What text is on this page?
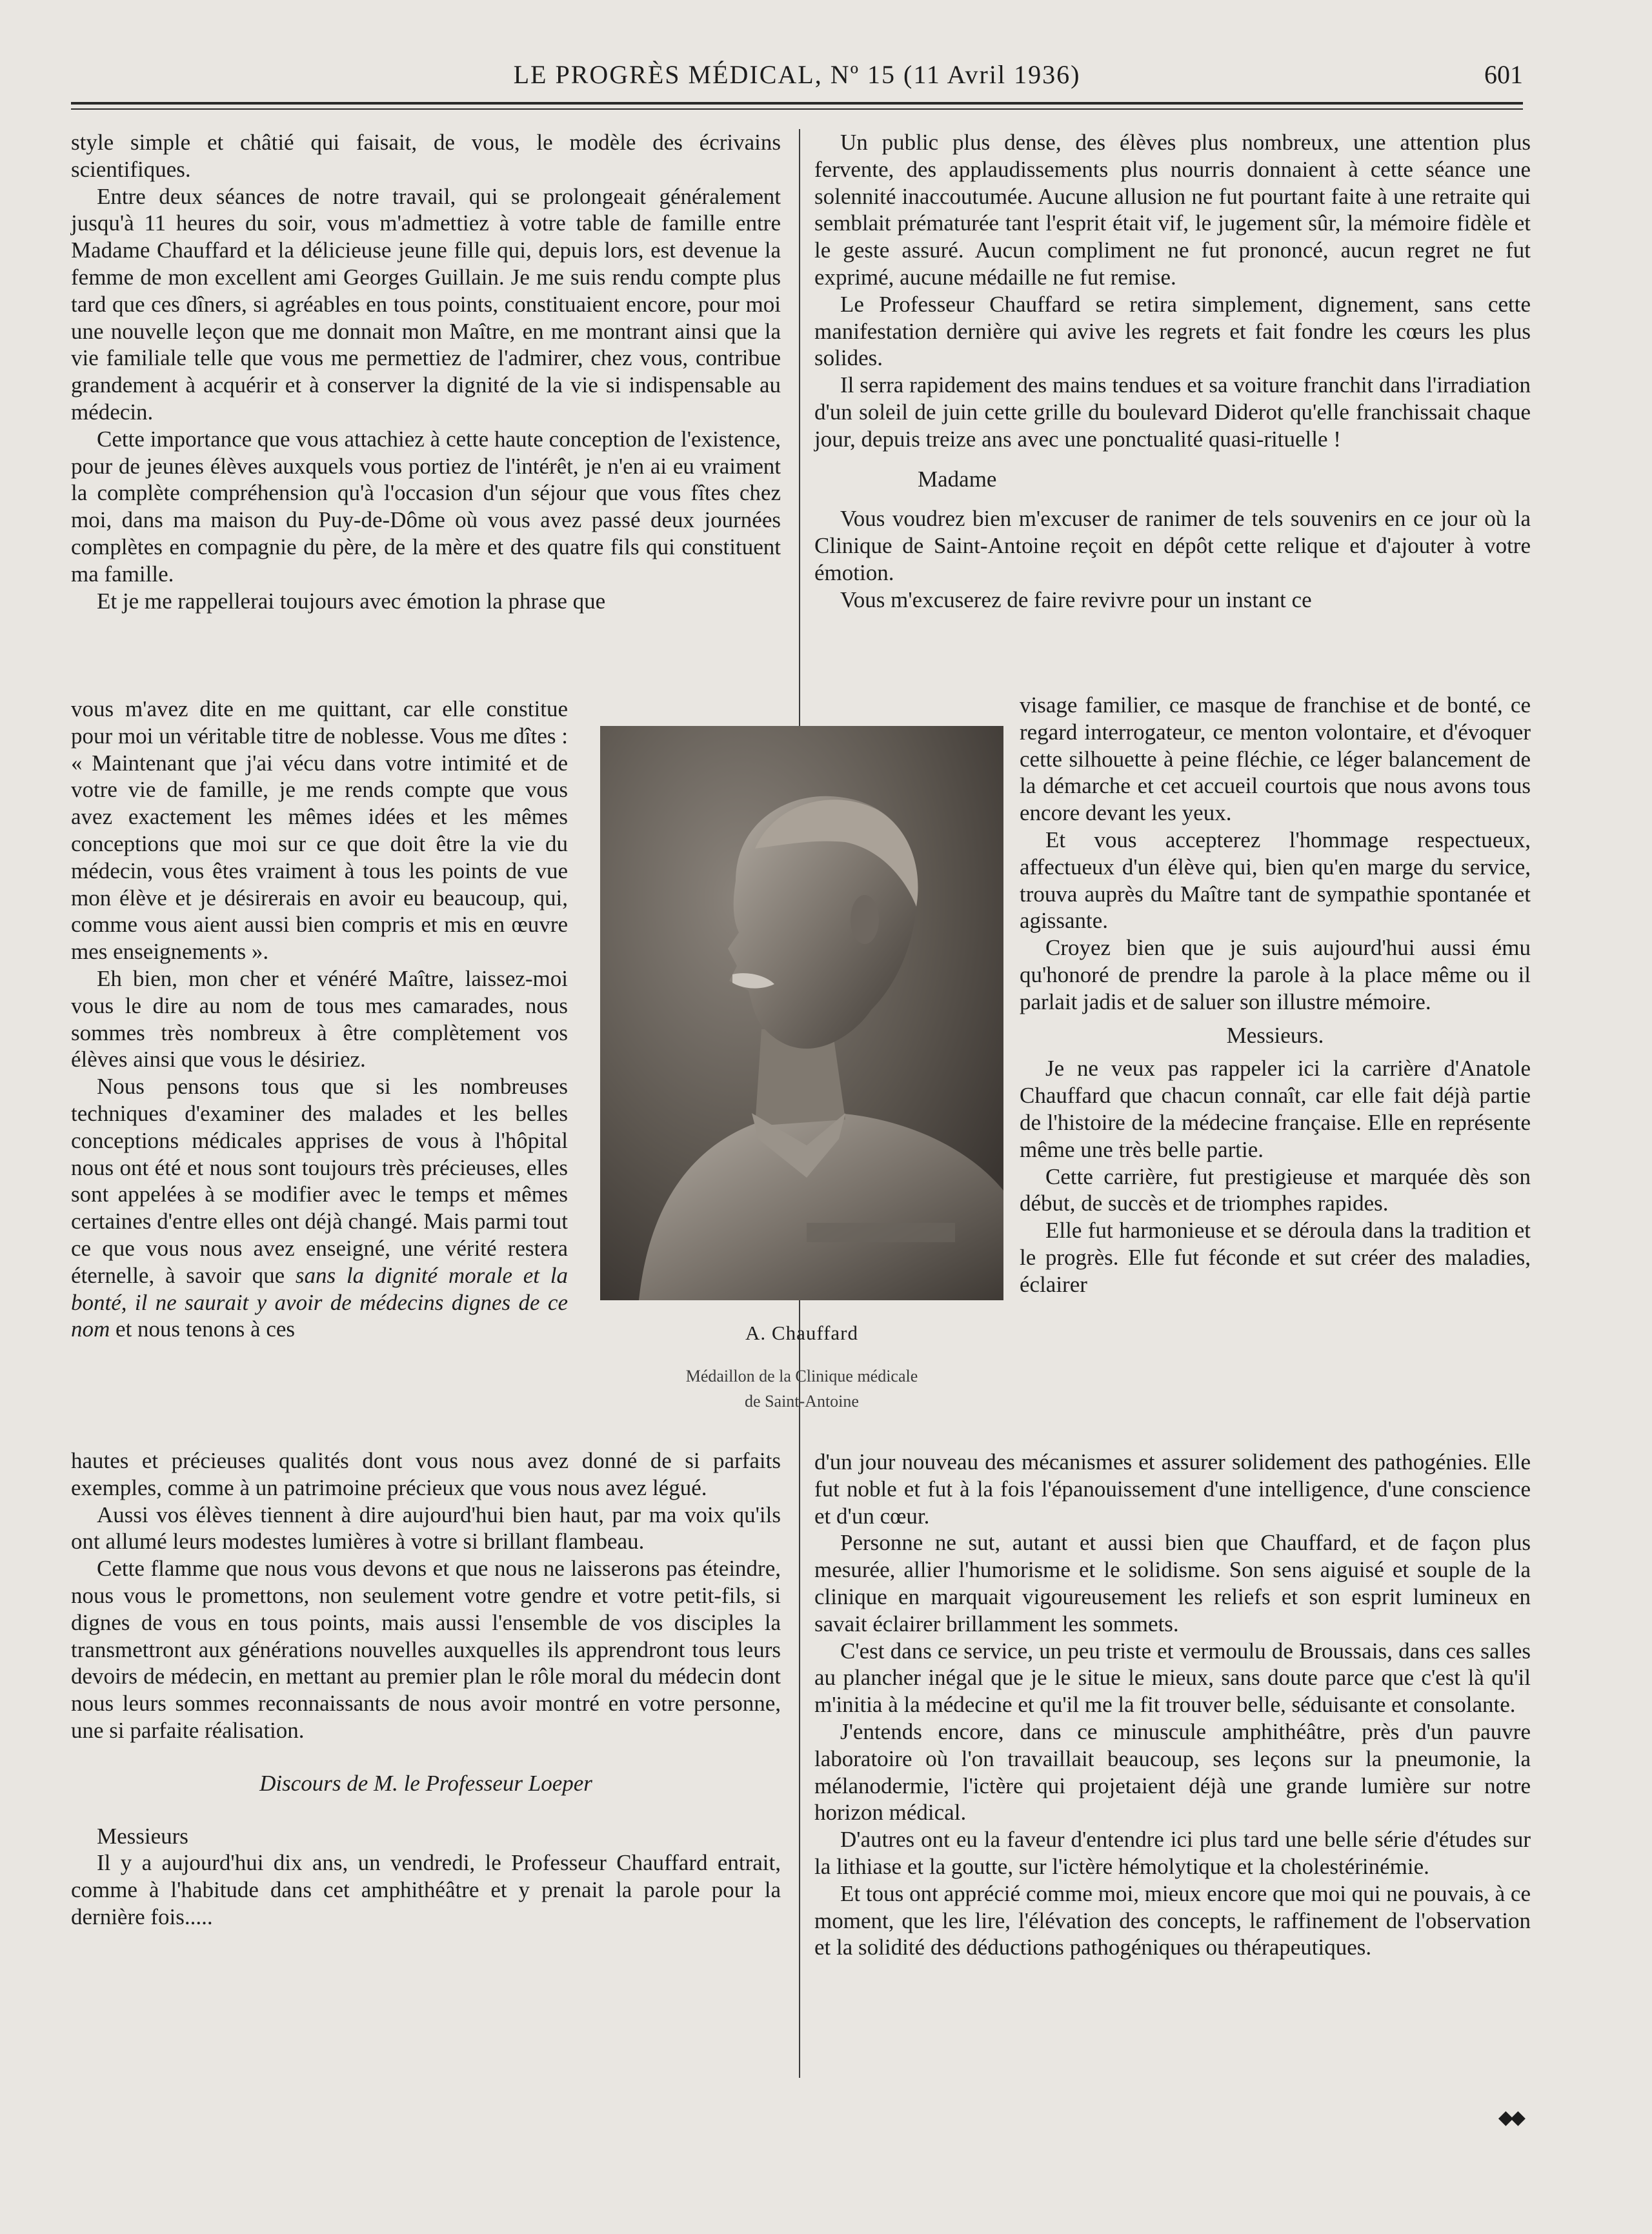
LE PROGRÈS MÉDICAL, Nº 15 (11 Avril 1936)	601

style simple et châtié qui faisait, de vous, le modèle des écrivains scientifiques.

Entre deux séances de notre travail, qui se prolongeait généralement jusqu'à 11 heures du soir, vous m'admettiez à votre table de famille entre Madame Chauffard et la délicieuse jeune fille qui, depuis lors, est devenue la femme de mon excellent ami Georges Guillain. Je me suis rendu compte plus tard que ces dîners, si agréables en tous points, constituaient encore, pour moi une nouvelle leçon que me donnait mon Maître, en me montrant ainsi que la vie familiale telle que vous me permettiez de l'admirer, chez vous, contribue grandement à acquérir et à conserver la dignité de la vie si indispensable au médecin.

Cette importance que vous attachiez à cette haute conception de l'existence, pour de jeunes élèves auxquels vous portiez de l'intérêt, je n'en ai eu vraiment la complète compréhension qu'à l'occasion d'un séjour que vous fîtes chez moi, dans ma maison du Puy-de-Dôme où vous avez passé deux journées complètes en compagnie du père, de la mère et des quatre fils qui constituent ma famille.

Et je me rappellerai toujours avec émotion la phrase que

vous m'avez dite en me quittant, car elle constitue pour moi un véritable titre de noblesse. Vous me dîtes : « Maintenant que j'ai vécu dans votre intimité et de votre vie de famille, je me rends compte que vous avez exactement les mêmes idées et les mêmes conceptions que moi sur ce que doit être la vie du médecin, vous êtes vraiment à tous les points de vue mon élève et je désirerais en avoir eu beaucoup, qui, comme vous aient aussi bien compris et mis en œuvre mes enseignements ».

Eh bien, mon cher et vénéré Maître, laissez-moi vous le dire au nom de tous mes camarades, nous sommes très nombreux à être complètement vos élèves ainsi que vous le désiriez.

Nous pensons tous que si les nombreuses techniques d'examiner des malades et les belles conceptions médicales apprises de vous à l'hôpital nous ont été et nous sont toujours très précieuses, elles sont appelées à se modifier avec le temps et mêmes certaines d'entre elles ont déjà changé. Mais parmi tout ce que vous nous avez enseigné, une vérité restera éternelle, à savoir que sans la dignité morale et la bonté, il ne saurait y avoir de médecins dignes de ce nom et nous tenons à ces

hautes et précieuses qualités dont vous nous avez donné de si parfaits exemples, comme à un patrimoine précieux que vous nous avez légué.

Aussi vos élèves tiennent à dire aujourd'hui bien haut, par ma voix qu'ils ont allumé leurs modestes lumières à votre si brillant flambeau.

Cette flamme que nous vous devons et que nous ne laisserons pas éteindre, nous vous le promettons, non seulement votre gendre et votre petit-fils, si dignes de vous en tous points, mais aussi l'ensemble de vos disciples la transmettront aux générations nouvelles auxquelles ils apprendront tous leurs devoirs de médecin, en mettant au premier plan le rôle moral du médecin dont nous leurs sommes reconnaissants de nous avoir montré en votre personne, une si parfaite réalisation.

Discours de M. le Professeur Loeper

Messieurs

Il y a aujourd'hui dix ans, un vendredi, le Professeur Chauffard entrait, comme à l'habitude dans cet amphithéâtre et y prenait la parole pour la dernière fois.....

Un public plus dense, des élèves plus nombreux, une attention plus fervente, des applaudissements plus nourris donnaient à cette séance une solennité inaccoutumée. Aucune allusion ne fut pourtant faite à une retraite qui semblait prématurée tant l'esprit était vif, le jugement sûr, la mémoire fidèle et le geste assuré. Aucun compliment ne fut prononcé, aucun regret ne fut exprimé, aucune médaille ne fut remise.

Le Professeur Chauffard se retira simplement, dignement, sans cette manifestation dernière qui avive les regrets et fait fondre les cœurs les plus solides.

Il serra rapidement des mains tendues et sa voiture franchit dans l'irradiation d'un soleil de juin cette grille du boulevard Diderot qu'elle franchissait chaque jour, depuis treize ans avec une ponctualité quasi-rituelle !

Madame

Vous voudrez bien m'excuser de ranimer de tels souvenirs en ce jour où la Clinique de Saint-Antoine reçoit en dépôt cette relique et d'ajouter à votre émotion.

Vous m'excuserez de faire revivre pour un instant ce

visage familier, ce masque de franchise et de bonté, ce regard interrogateur, ce menton volontaire, et d'évoquer cette silhouette à peine fléchie, ce léger balancement de la démarche et cet accueil courtois que nous avons tous encore devant les yeux.

Et vous accepterez l'hommage respectueux, affectueux d'un élève qui, bien qu'en marge du service, trouva auprès du Maître tant de sympathie spontanée et agissante.

Croyez bien que je suis aujourd'hui aussi ému qu'honoré de prendre la parole à la place même ou il parlait jadis et de saluer son illustre mémoire.

Messieurs.

Je ne veux pas rappeler ici la carrière d'Anatole Chauffard que chacun connaît, car elle fait déjà partie de l'histoire de la médecine française. Elle en représente même une très belle partie.

Cette carrière, fut prestigieuse et marquée dès son début, de succès et de triomphes rapides.

Elle fut harmonieuse et se déroula dans la tradition et le progrès. Elle fut féconde et sut créer des maladies, éclairer

d'un jour nouveau des mécanismes et assurer solidement des pathogénies. Elle fut noble et fut à la fois l'épanouissement d'une intelligence, d'une conscience et d'un cœur.

Personne ne sut, autant et aussi bien que Chauffard, et de façon plus mesurée, allier l'humorisme et le solidisme. Son sens aiguisé et souple de la clinique en marquait vigoureusement les reliefs et son esprit lumineux en savait éclairer brillamment les sommets.

C'est dans ce service, un peu triste et vermoulu de Broussais, dans ces salles au plancher inégal que je le situe le mieux, sans doute parce que c'est là qu'il m'initia à la médecine et qu'il me la fit trouver belle, séduisante et consolante.

J'entends encore, dans ce minuscule amphithéâtre, près d'un pauvre laboratoire où l'on travaillait beaucoup, ses leçons sur la pneumonie, la mélanodermie, l'ictère qui projetaient déjà une grande lumière sur notre horizon médical.

D'autres ont eu la faveur d'entendre ici plus tard une belle série d'études sur la lithiase et la goutte, sur l'ictère hémolytique et la cholestérinémie.

Et tous ont apprécié comme moi, mieux encore que moi qui ne pouvais, à ce moment, que les lire, l'élévation des concepts, le raffinement de l'observation et la solidité des déductions pathogéniques ou thérapeutiques.

A. Chauffard
Médaillon de la Clinique médicale
de Saint-Antoine
◆◆
